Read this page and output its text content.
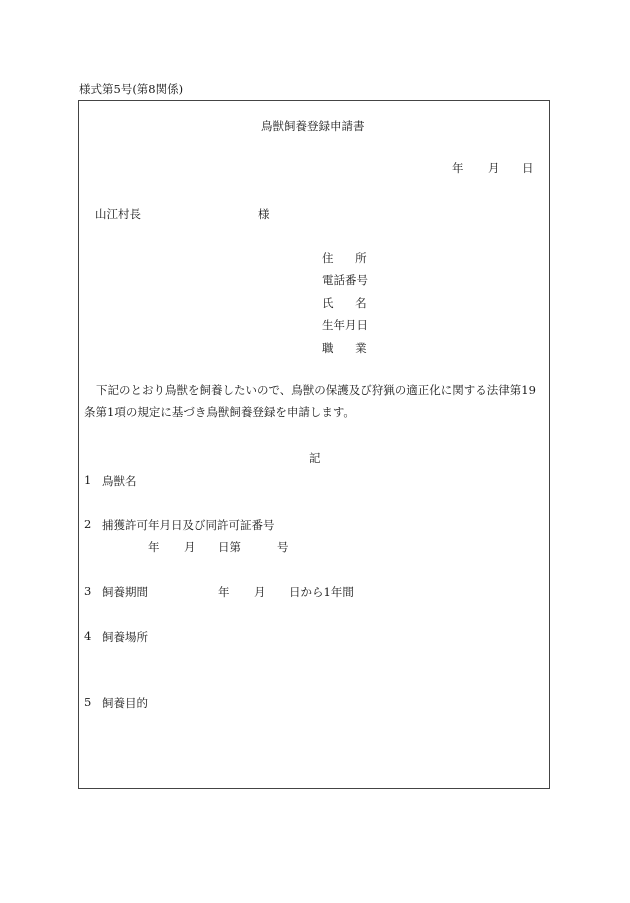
様式第5号(第8関係)
鳥獣飼養登録申請書
年 月 日
山江村長	様
住 所
電話番号
氏 名
生年月日
職 業
下記のとおり鳥獣を飼養したいので、鳥獣の保護及び狩猟の適正化に関する法律第19
条第1項の規定に基づき鳥獣飼養登録を申請します。
記
1 鳥獣名
2 捕獲許可年月日及び同許可証番号
年 月 日第	号
3 飼養期間	年 月 日から1年間
4 飼養場所
5 飼養目的
